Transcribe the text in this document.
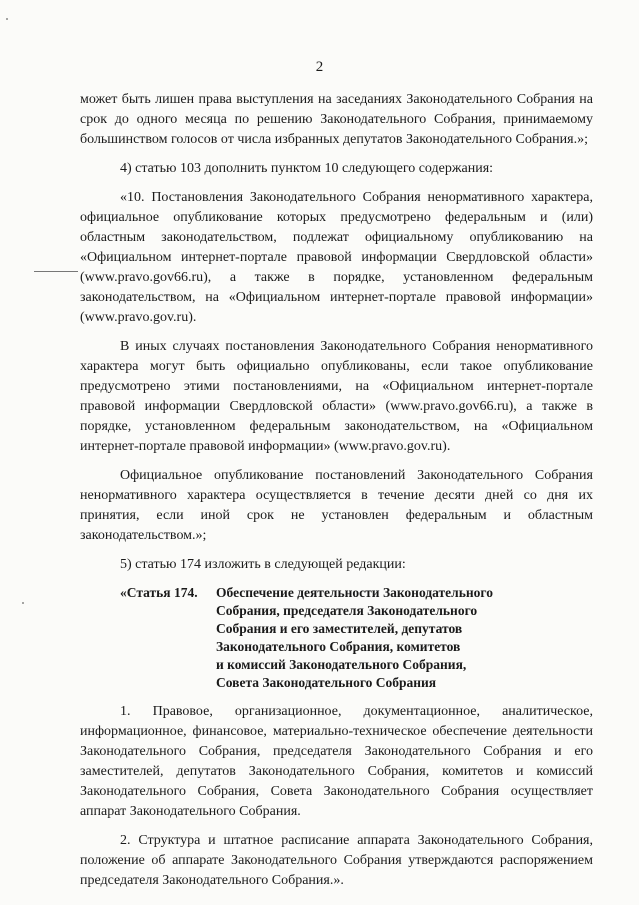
2

может быть лишен права выступления на заседаниях Законодательного Собрания на срок до одного месяца по решению Законодательного Собрания, принимаемому большинством голосов от числа избранных депутатов Законодательного Собрания.»;

4) статью 103 дополнить пунктом 10 следующего содержания:

«10. Постановления Законодательного Собрания ненормативного характера, официальное опубликование которых предусмотрено федеральным и (или) областным законодательством, подлежат официальному опубликованию на «Официальном интернет-портале правовой информации Свердловской области» (www.pravo.gov66.ru), а также в порядке, установленном федеральным законодательством, на «Официальном интернет-портале правовой информации» (www.pravo.gov.ru).

В иных случаях постановления Законодательного Собрания ненормативного характера могут быть официально опубликованы, если такое опубликование предусмотрено этими постановлениями, на «Официальном интернет-портале правовой информации Свердловской области» (www.pravo.gov66.ru), а также в порядке, установленном федеральным законодательством, на «Официальном интернет-портале правовой информации» (www.pravo.gov.ru).

Официальное опубликование постановлений Законодательного Собрания ненормативного характера осуществляется в течение десяти дней со дня их принятия, если иной срок не установлен федеральным и областным законодательством.»;

5) статью 174 изложить в следующей редакции:

«Статья 174.	Обеспечение деятельности Законодательного
Собрания, председателя Законодательного
Собрания и его заместителей, депутатов
Законодательного Собрания, комитетов
и комиссий Законодательного Собрания,
Совета Законодательного Собрания

1. Правовое, организационное, документационное, аналитическое, информационное, финансовое, материально-техническое обеспечение деятельности Законодательного Собрания, председателя Законодательного Собрания и его заместителей, депутатов Законодательного Собрания, комитетов и комиссий Законодательного Собрания, Совета Законодательного Собрания осуществляет аппарат Законодательного Собрания.

2. Структура и штатное расписание аппарата Законодательного Собрания, положение об аппарате Законодательного Собрания утверждаются распоряжением председателя Законодательного Собрания.».
